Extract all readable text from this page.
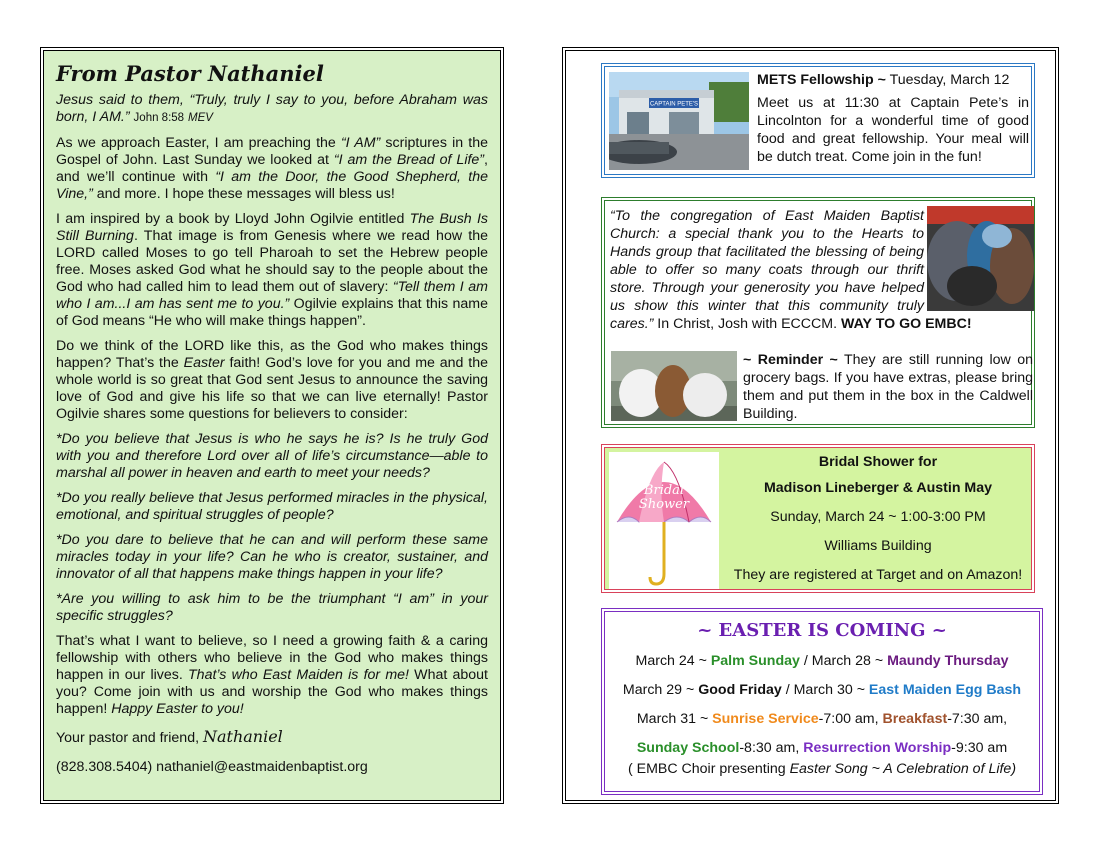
From Pastor Nathaniel

Jesus said to them, “Truly, truly I say to you, before Abraham was born, I AM.” John 8:58 MEV

As we approach Easter, I am preaching the “I AM” scriptures in the Gospel of John. Last Sunday we looked at “I am the Bread of Life”, and we’ll continue with “I am the Door, the Good Shepherd, the Vine,” and more. I hope these messages will bless us!

I am inspired by a book by Lloyd John Ogilvie entitled The Bush Is Still Burning. That image is from Genesis where we read how the LORD called Moses to go tell Pharoah to set the Hebrew people free. Moses asked God what he should say to the people about the God who had called him to lead them out of slavery: “Tell them I am who I am...I am has sent me to you.” Ogilvie explains that this name of God means “He who will make things happen”.

Do we think of the LORD like this, as the God who makes things happen? That’s the Easter faith! God’s love for you and me and the whole world is so great that God sent Jesus to announce the saving love of God and give his life so that we can live eternally! Pastor Ogilvie shares some questions for believers to consider:

*Do you believe that Jesus is who he says he is? Is he truly God with you and therefore Lord over all of life’s circumstance—able to marshal all power in heaven and earth to meet your needs?

*Do you really believe that Jesus performed miracles in the physical, emotional, and spiritual struggles of people?

*Do you dare to believe that he can and will perform these same miracles today in your life? Can he who is creator, sustainer, and innovator of all that happens make things happen in your life?

*Are you willing to ask him to be the triumphant “I am” in your specific struggles?

That’s what I want to believe, so I need a growing faith & a caring fellowship with others who believe in the God who makes things happen in our lives. That’s who East Maiden is for me! What about you? Come join with us and worship the God who makes things happen! Happy Easter to you!

Your pastor and friend, Nathaniel

(828.308.5404) nathaniel@eastmaidenbaptist.org

CAPTAIN PETE'S
METS Fellowship ~ Tuesday, March 12
Meet us at 11:30 at Captain Pete’s in Lincolnton for a wonderful time of good food and great fellowship. Your meal will be dutch treat. Come join in the fun!
“To the congregation of East Maiden Baptist Church: a special thank you to the Hearts to Hands group that facilitated the blessing of being able to offer so many coats through our thrift store. Through your generosity you have helped us show this winter that this community truly cares.” In Christ, Josh with ECCCM. WAY TO GO EMBC!
~ Reminder ~ They are still running low on grocery bags. If you have extras, please bring them and put them in the box in the Caldwell Building.
Bridal
Shower
Bridal Shower for
Madison Lineberger & Austin May
Sunday, March 24 ~ 1:00-3:00 PM
Williams Building
They are registered at Target and on Amazon!
~ EASTER IS COMING ~
March 24 ~ Palm Sunday / March 28 ~ Maundy Thursday
March 29 ~ Good Friday / March 30 ~ East Maiden Egg Bash
March 31 ~ Sunrise Service-7:00 am, Breakfast-7:30 am,
Sunday School-8:30 am, Resurrection Worship-9:30 am
( EMBC Choir presenting Easter Song ~ A Celebration of Life)
